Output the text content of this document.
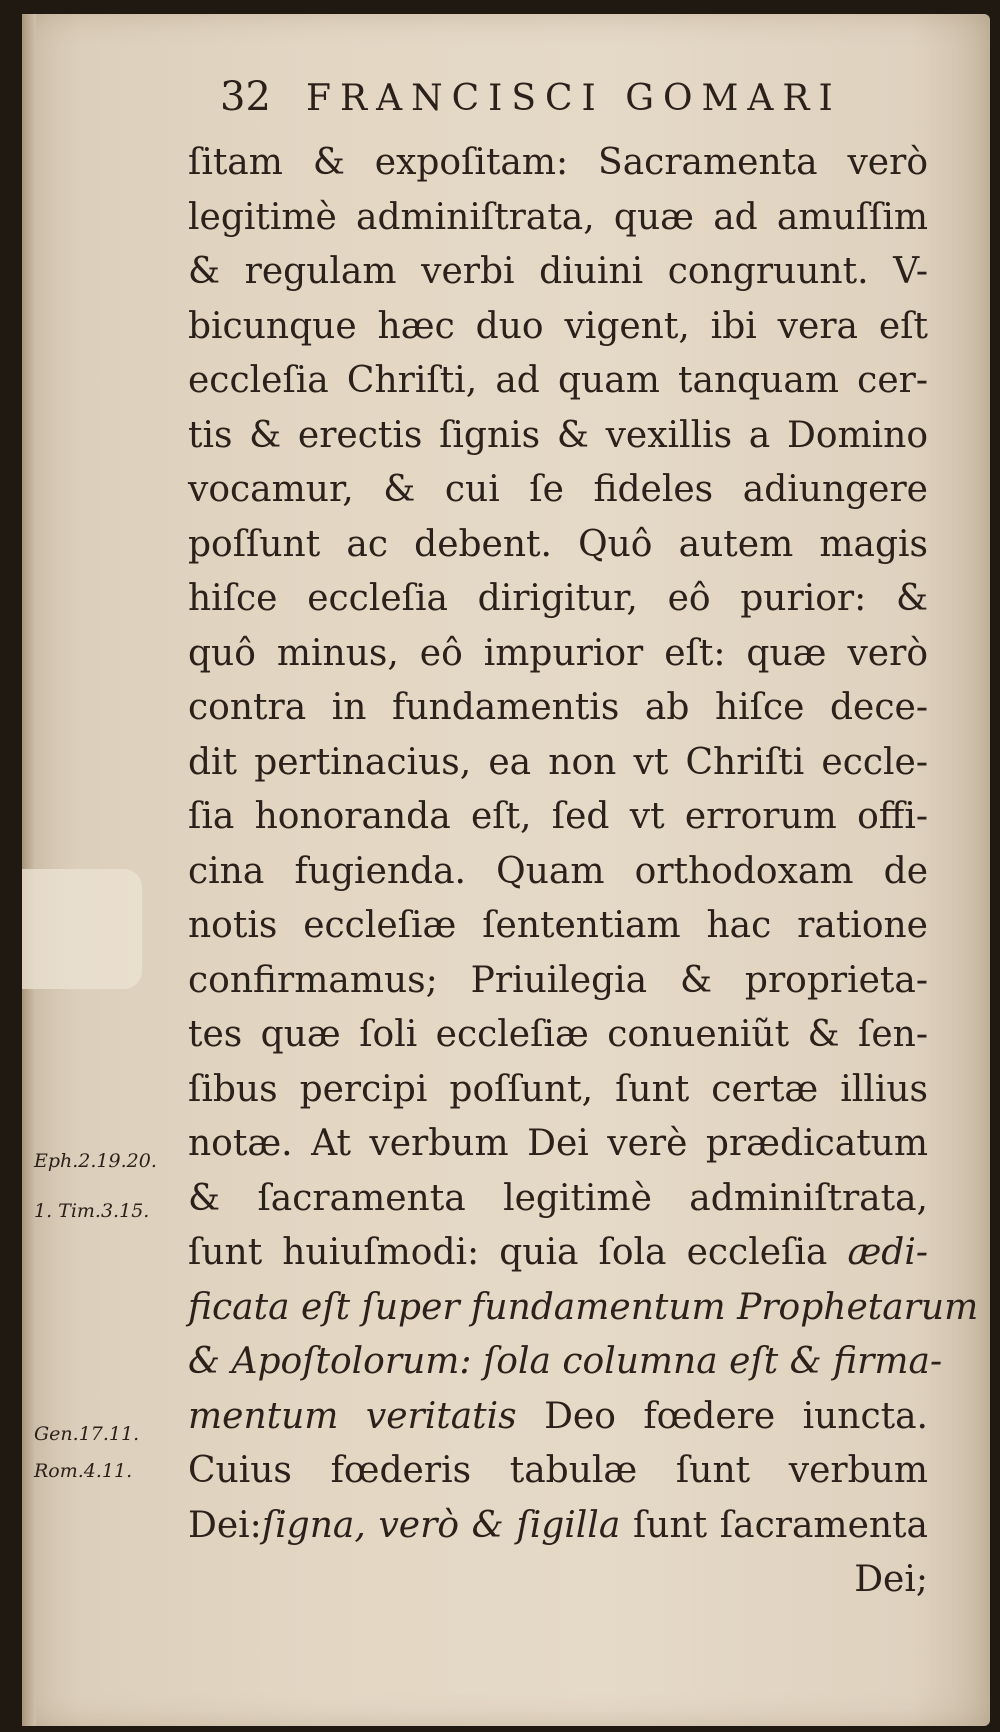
32 FRANCISCI GOMARI
ſitam & expoſitam: Sacramenta verò
legitimè adminiſtrata, quæ ad amuſſim
& regulam verbi diuini congruunt. V-
bicunque hæc duo vigent, ibi vera eſt
eccleſia Chriſti, ad quam tanquam cer-
tis & erectis ſignis & vexillis a Domino
vocamur, & cui ſe fideles adiungere
poſſunt ac debent. Quô autem magis
hiſce eccleſia dirigitur, eô purior: &
quô minus, eô impurior eſt: quæ verò
contra in fundamentis ab hiſce dece-
dit pertinacius, ea non vt Chriſti eccle-
ſia honoranda eſt, ſed vt errorum offi-
cina fugienda. Quam orthodoxam de
notis eccleſiæ ſententiam hac ratione
confirmamus; Priuilegia & proprieta-
tes quæ ſoli eccleſiæ conueniũt & ſen-
ſibus percipi poſſunt, ſunt certæ illius
notæ. At verbum Dei verè prædicatum
& ſacramenta legitimè adminiſtrata,
ſunt huiuſmodi: quia ſola eccleſia ædi-
ficata eſt ſuper fundamentum Prophetarum
& Apoſtolorum: ſola columna eſt & firma-
mentum veritatis Deo fœdere iuncta.
Cuius fœderis tabulæ ſunt verbum
Dei:ſigna, verò & ſigilla ſunt ſacramenta
Dei;
Eph.2.19.20.
1. Tim.3.15.
Gen.17.11.
Rom.4.11.
